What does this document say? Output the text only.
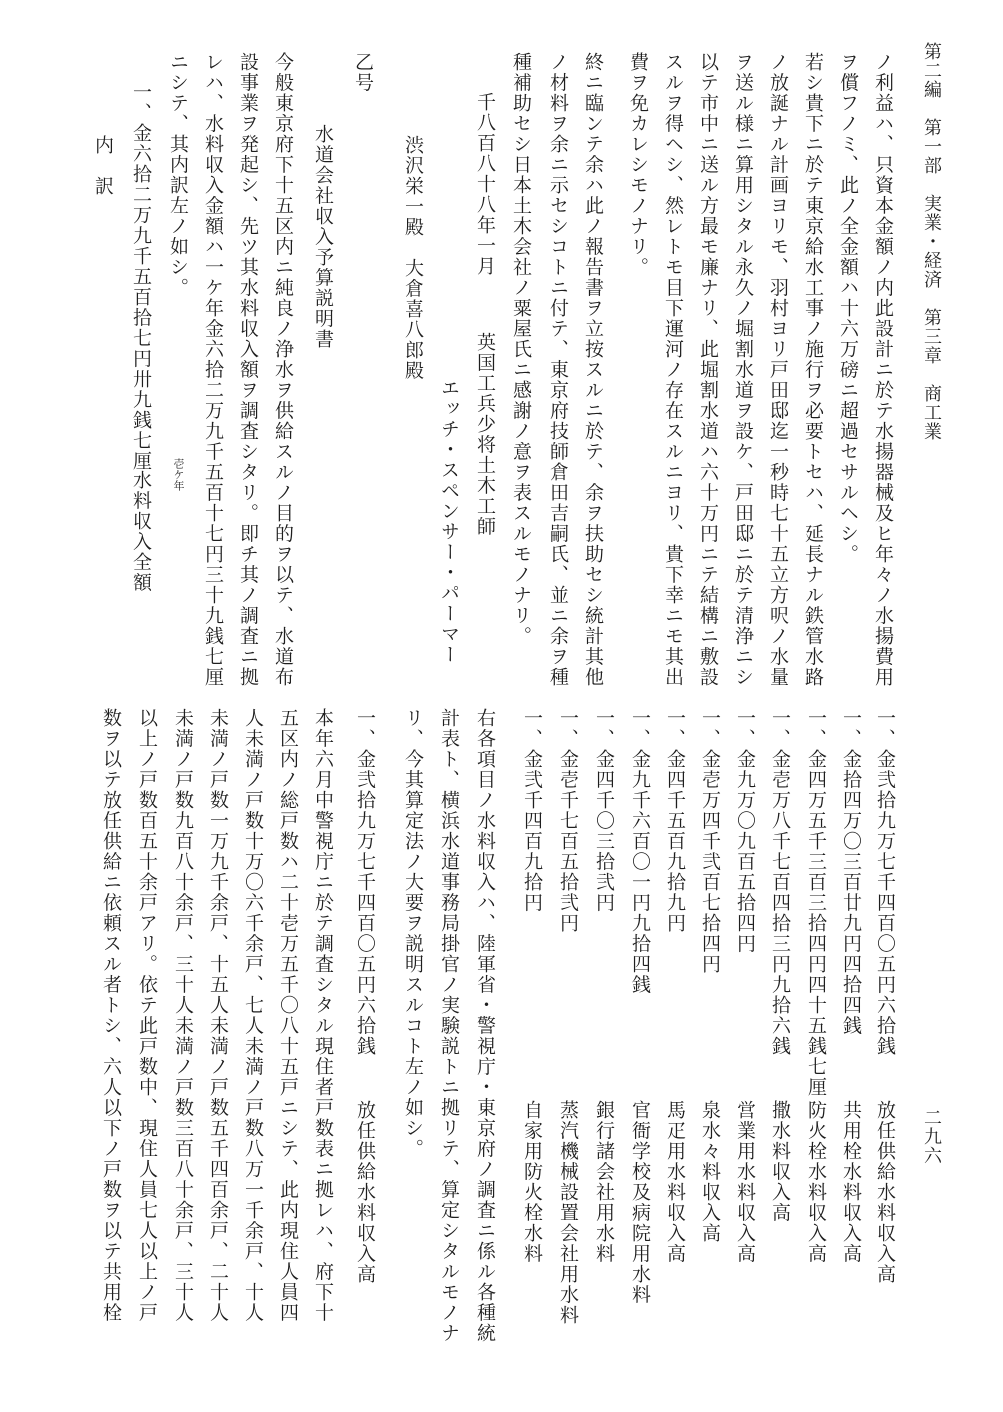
第二編　第一部　実業・経済　第三章　商工業
二九六
ノ利益ハ、只資本金額ノ内此設計ニ於テ水揚器械及ヒ年々ノ水揚費用
ヲ償フノミ、此ノ全金額ハ十六万磅ニ超過セサルヘシ。
若シ貴下ニ於テ東京給水工事ノ施行ヲ必要トセハ、延長ナル鉄管水路
ノ放誕ナル計画ヨリモ、羽村ヨリ戸田邸迄一秒時七十五立方呎ノ水量
ヲ送ル様ニ算用シタル永久ノ堀割水道ヲ設ケ、戸田邸ニ於テ清浄ニシ
以テ市中ニ送ル方最モ廉ナリ、此堀割水道ハ六十万円ニテ結構ニ敷設
スルヲ得ヘシ、然レトモ目下運河ノ存在スルニヨリ、貴下幸ニモ其出
費ヲ免カレシモノナリ。
終ニ臨ンテ余ハ此ノ報告書ヲ立按スルニ於テ、余ヲ扶助セシ統計其他
ノ材料ヲ余ニ示セシコトニ付テ、東京府技師倉田吉嗣氏、並ニ余ヲ種
種補助セシ日本土木会社ノ粟屋氏ニ感謝ノ意ヲ表スルモノナリ。
千八百八十八年一月
英国工兵少将土木工師
エッチ・スペンサー・パーマー
渋沢栄一殿　大倉喜八郎殿
乙号
水道会社収入予算説明書
今般東京府下十五区内ニ純良ノ浄水ヲ供給スルノ目的ヲ以テ、水道布
設事業ヲ発起シ、先ツ其水料収入額ヲ調査シタリ。即チ其ノ調査ニ拠
レハ、水料収入金額ハ一ケ年金六拾二万九千五百十七円三十九銭七厘
ニシテ、其内訳左ノ如シ。
一、金六拾二万九千五百拾七円卅九銭七厘
壱ケ年
水料収入全額
内　訳
一、金弐拾九万七千四百〇五円六拾銭
放任供給水料収入高
一、金拾四万〇三百廿九円四拾四銭
共用栓水料収入高
一、金四万五千三百三拾四円四十五銭七厘
防火栓水料収入高
一、金壱万八千七百四拾三円九拾六銭
撒水料収入高
一、金九万〇九百五拾四円
営業用水料収入高
一、金壱万四千弐百七拾四円
泉水々料収入高
一、金四千五百九拾九円
馬疋用水料収入高
一、金九千六百〇一円九拾四銭
官衙学校及病院用水料
一、金四千〇三拾弐円
銀行諸会社用水料
一、金壱千七百五拾弐円
蒸汽機械設置会社用水料
一、金弐千四百九拾円
自家用防火栓水料
右各項目ノ水料収入ハ、陸軍省・警視庁・東京府ノ調査ニ係ル各種統
計表ト、横浜水道事務局掛官ノ実験説トニ拠リテ、算定シタルモノナ
リ、今其算定法ノ大要ヲ説明スルコト左ノ如シ。
一、金弐拾九万七千四百〇五円六拾銭
放任供給水料収入高
本年六月中警視庁ニ於テ調査シタル現住者戸数表ニ拠レハ、府下十
五区内ノ総戸数ハ二十壱万五千〇八十五戸ニシテ、此内現住人員四
人未満ノ戸数十万〇六千余戸、七人未満ノ戸数八万一千余戸、十人
未満ノ戸数一万九千余戸、十五人未満ノ戸数五千四百余戸、二十人
未満ノ戸数九百八十余戸、三十人未満ノ戸数三百八十余戸、三十人
以上ノ戸数百五十余戸アリ。依テ此戸数中、現住人員七人以上ノ戸
数ヲ以テ放任供給ニ依頼スル者トシ、六人以下ノ戸数ヲ以テ共用栓
